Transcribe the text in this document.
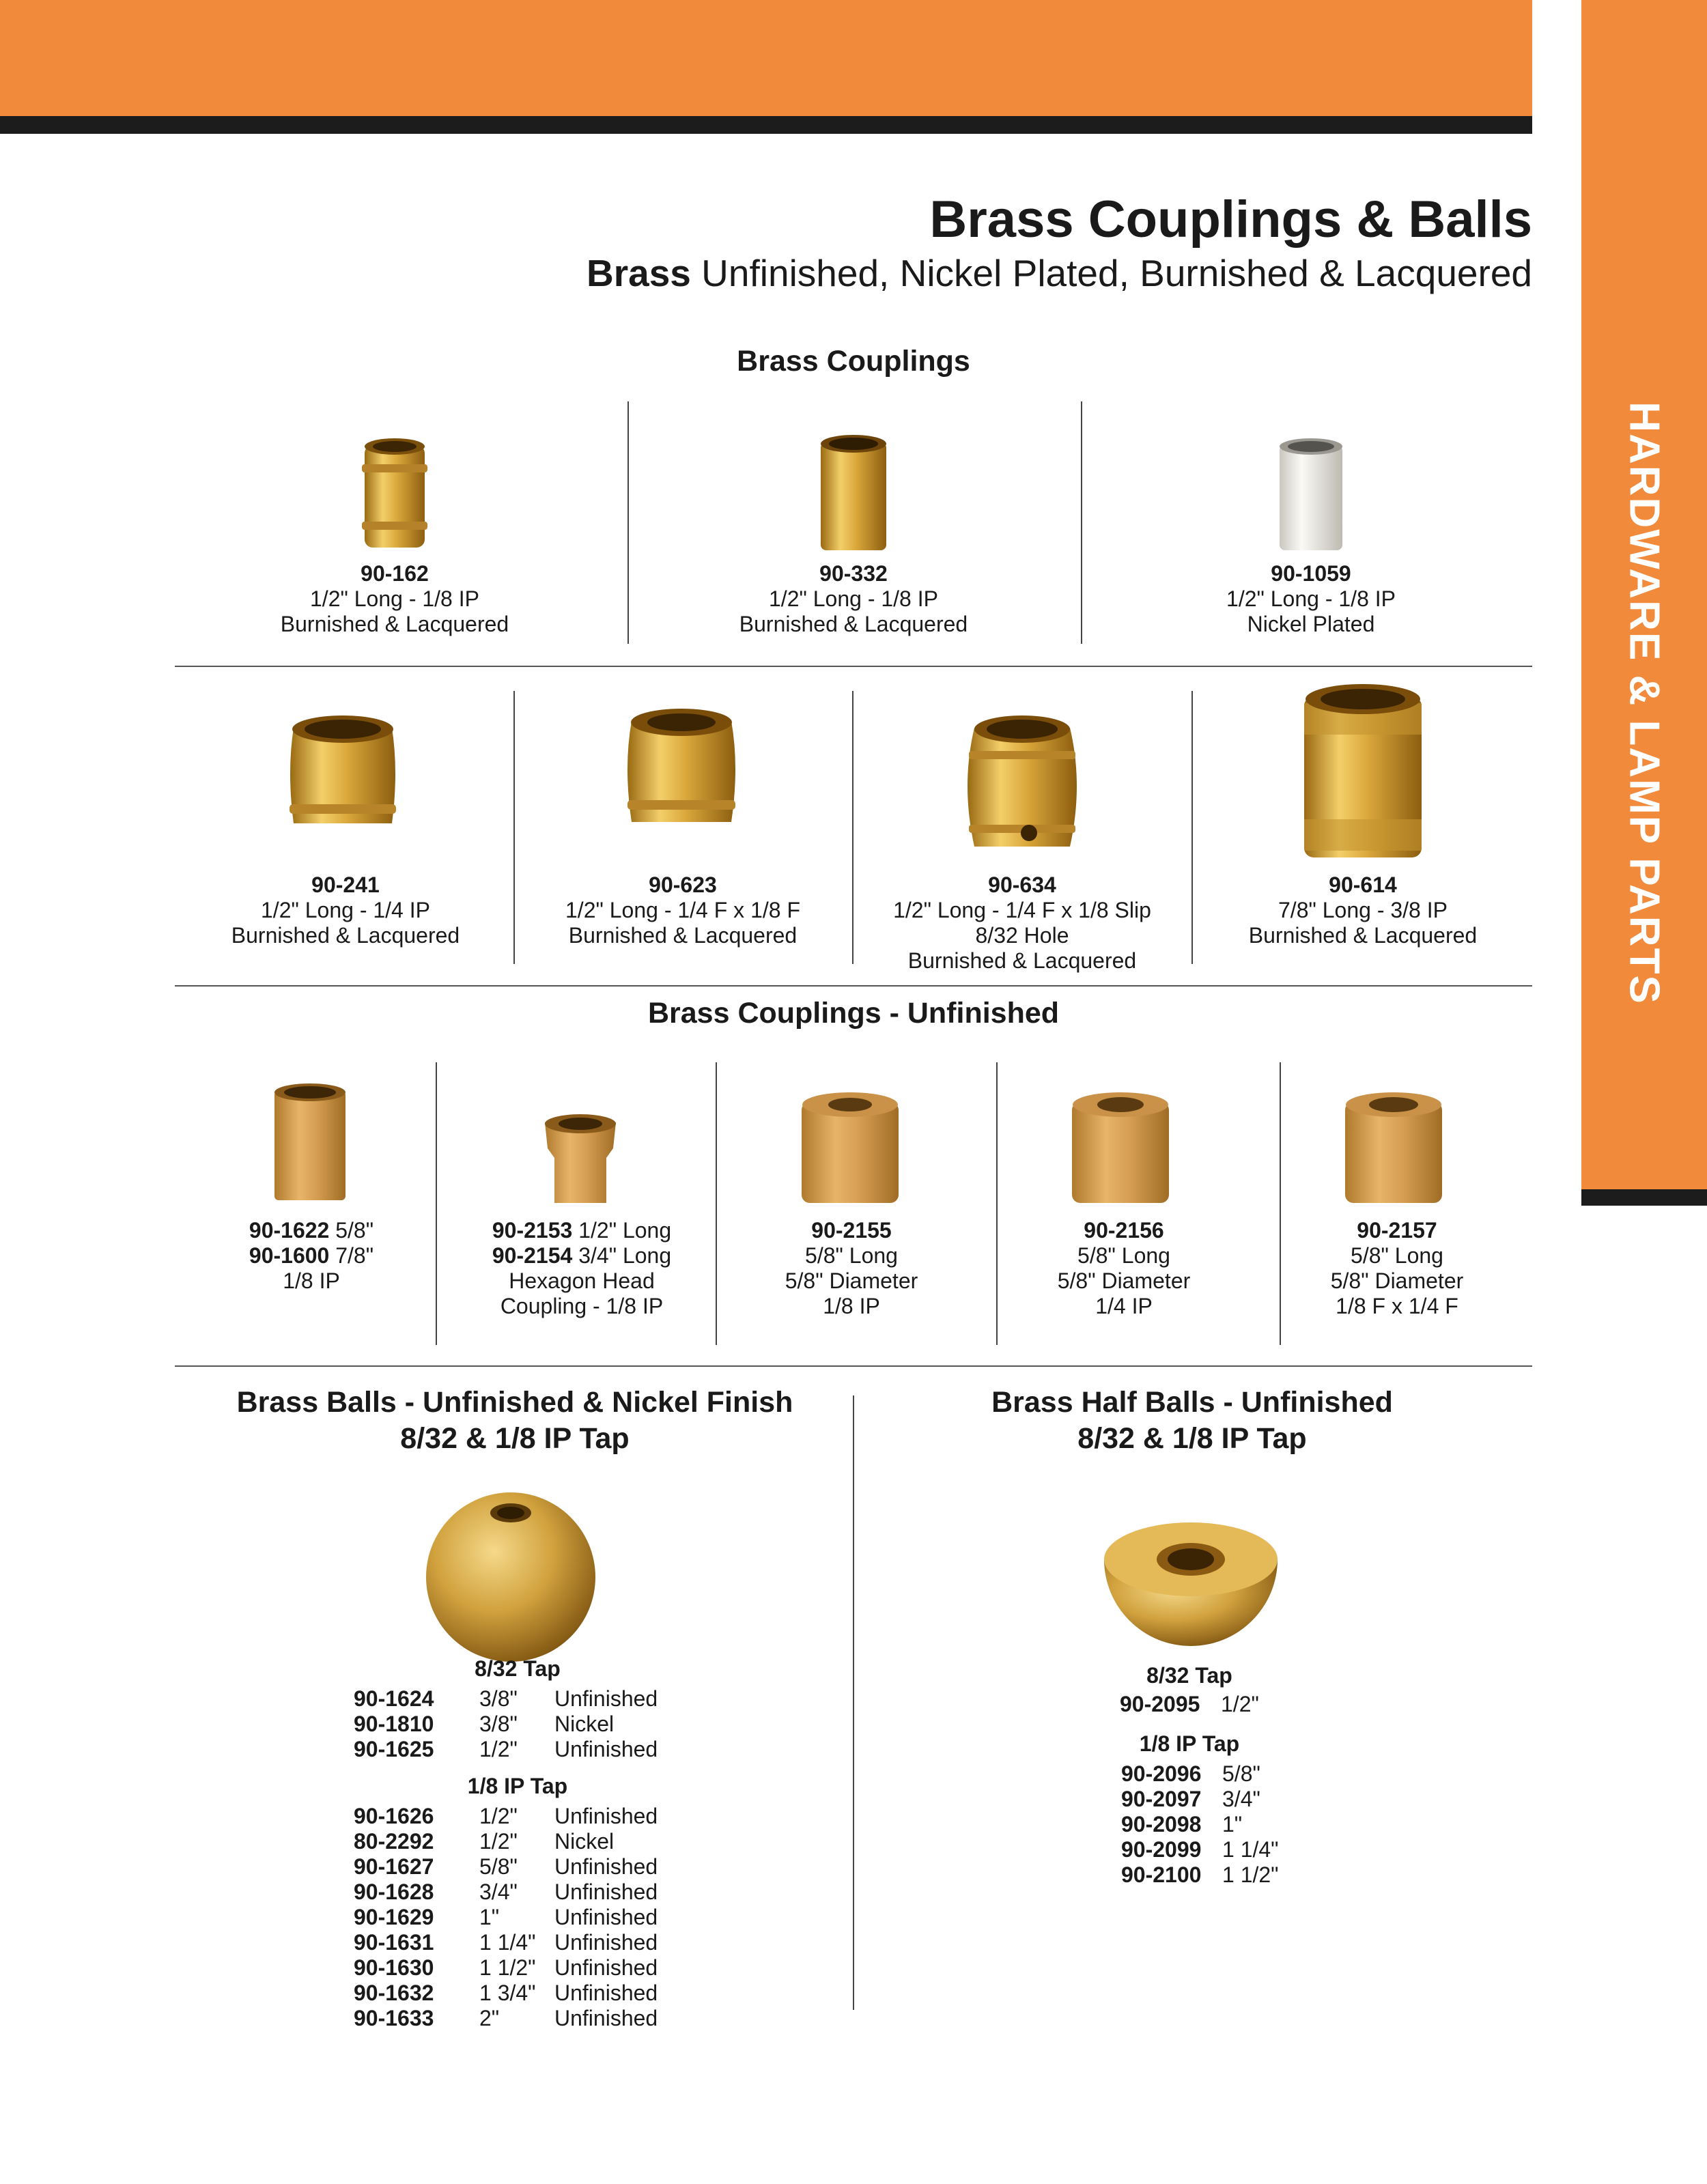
HARDWARE & LAMP PARTS
Brass Couplings & Balls
Brass Unfinished, Nickel Plated, Burnished & Lacquered
Brass Couplings
90-162
1/2" Long - 1/8 IP
Burnished & Lacquered
90-332
1/2" Long - 1/8 IP
Burnished & Lacquered
90-1059
1/2" Long - 1/8 IP
Nickel Plated
90-241
1/2" Long - 1/4 IP
Burnished & Lacquered
90-623
1/2" Long - 1/4 F x 1/8 F
Burnished & Lacquered
90-634
1/2" Long - 1/4 F x 1/8 Slip
8/32 Hole
Burnished & Lacquered
90-614
7/8" Long - 3/8 IP
Burnished & Lacquered
Brass Couplings - Unfinished
90-1622 5/8"
90-1600 7/8"
1/8 IP
90-2153 1/2" Long
90-2154 3/4" Long
Hexagon Head
Coupling - 1/8 IP
90-2155
5/8" Long
5/8" Diameter
1/8 IP
90-2156
5/8" Long
5/8" Diameter
1/4 IP
90-2157
5/8" Long
5/8" Diameter
1/8 F x 1/4 F
Brass Balls - Unfinished & Nickel Finish
8/32 & 1/8 IP Tap
Brass Half Balls - Unfinished
8/32 & 1/8 IP Tap
8/32 Tap
90-1624	3/8"	Unfinished
90-1810	3/8"	Nickel
90-1625	1/2"	Unfinished
1/8 IP Tap
90-1626	1/2"	Unfinished
80-2292	1/2"	Nickel
90-1627	5/8"	Unfinished
90-1628	3/4"	Unfinished
90-1629	1"	Unfinished
90-1631	1 1/4" Unfinished
90-1630	1 1/2" Unfinished
90-1632	1 3/4" Unfinished
90-1633	2"	Unfinished
8/32 Tap
90-2095 1/2"
1/8 IP Tap
90-2096 5/8"
90-2097 3/4"
90-2098 1"
90-2099 1 1/4"
90-2100 1 1/2"
